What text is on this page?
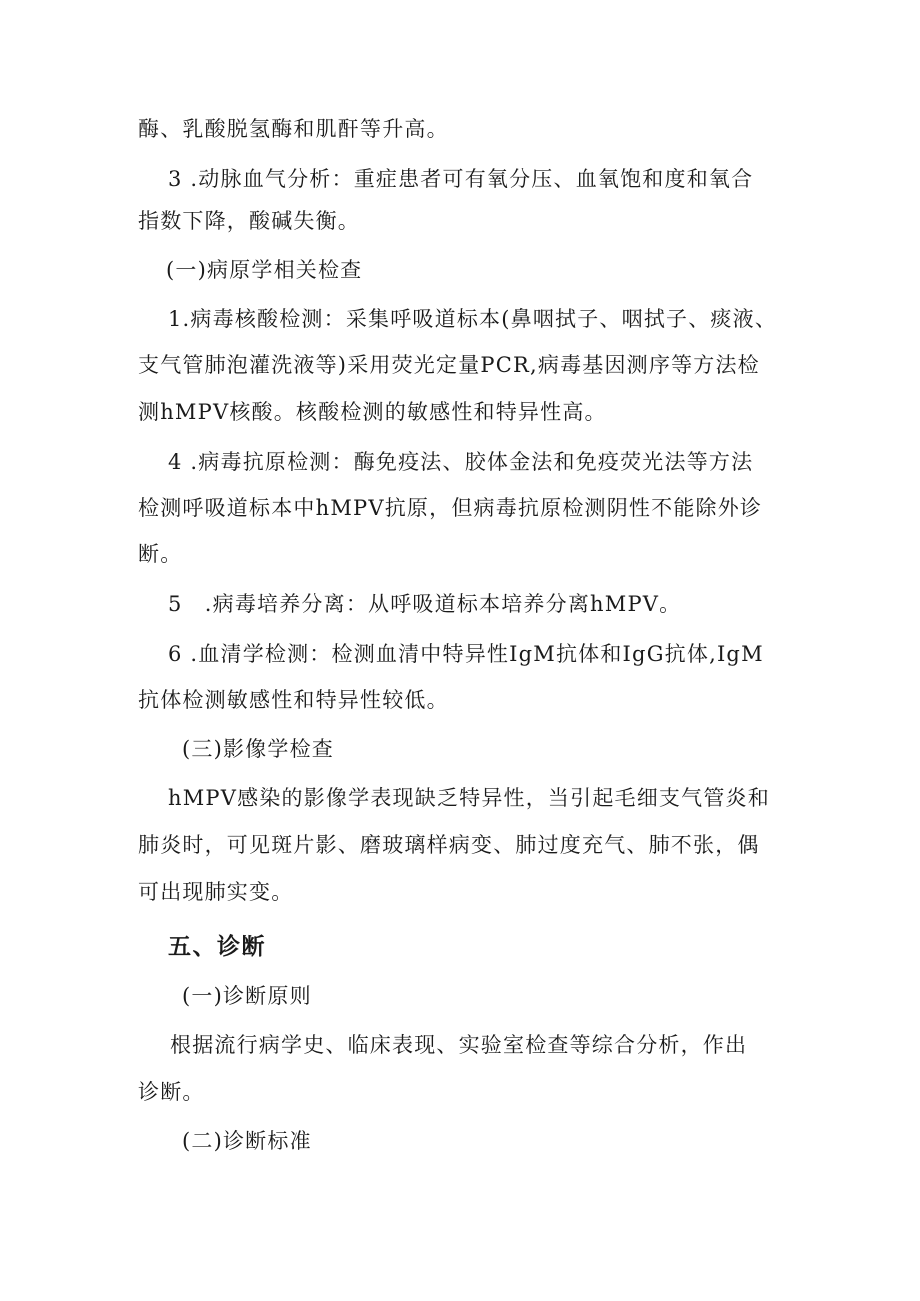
酶、乳酸脱氢酶和肌酐等升高。
3 .动脉血气分析：重症患者可有氧分压、血氧饱和度和氧合
指数下降，酸碱失衡。
(一)病原学相关检查
1.病毒核酸检测：采集呼吸道标本(鼻咽拭子、咽拭子、痰液、
支气管肺泡灌洗液等)采用荧光定量PCR,病毒基因测序等方法检
测hMPV核酸。核酸检测的敏感性和特异性高。
4 .病毒抗原检测：酶免疫法、胶体金法和免疫荧光法等方法
检测呼吸道标本中hMPV抗原，但病毒抗原检测阴性不能除外诊
断。
5　.病毒培养分离：从呼吸道标本培养分离hMPV。
6 .血清学检测：检测血清中特异性IgM抗体和IgG抗体,IgM
抗体检测敏感性和特异性较低。
(三)影像学检查
hMPV感染的影像学表现缺乏特异性，当引起毛细支气管炎和
肺炎时，可见斑片影、磨玻璃样病变、肺过度充气、肺不张，偶
可出现肺实变。
五、诊断
(一)诊断原则
根据流行病学史、临床表现、实验室检查等综合分析，作出
诊断。
(二)诊断标准
